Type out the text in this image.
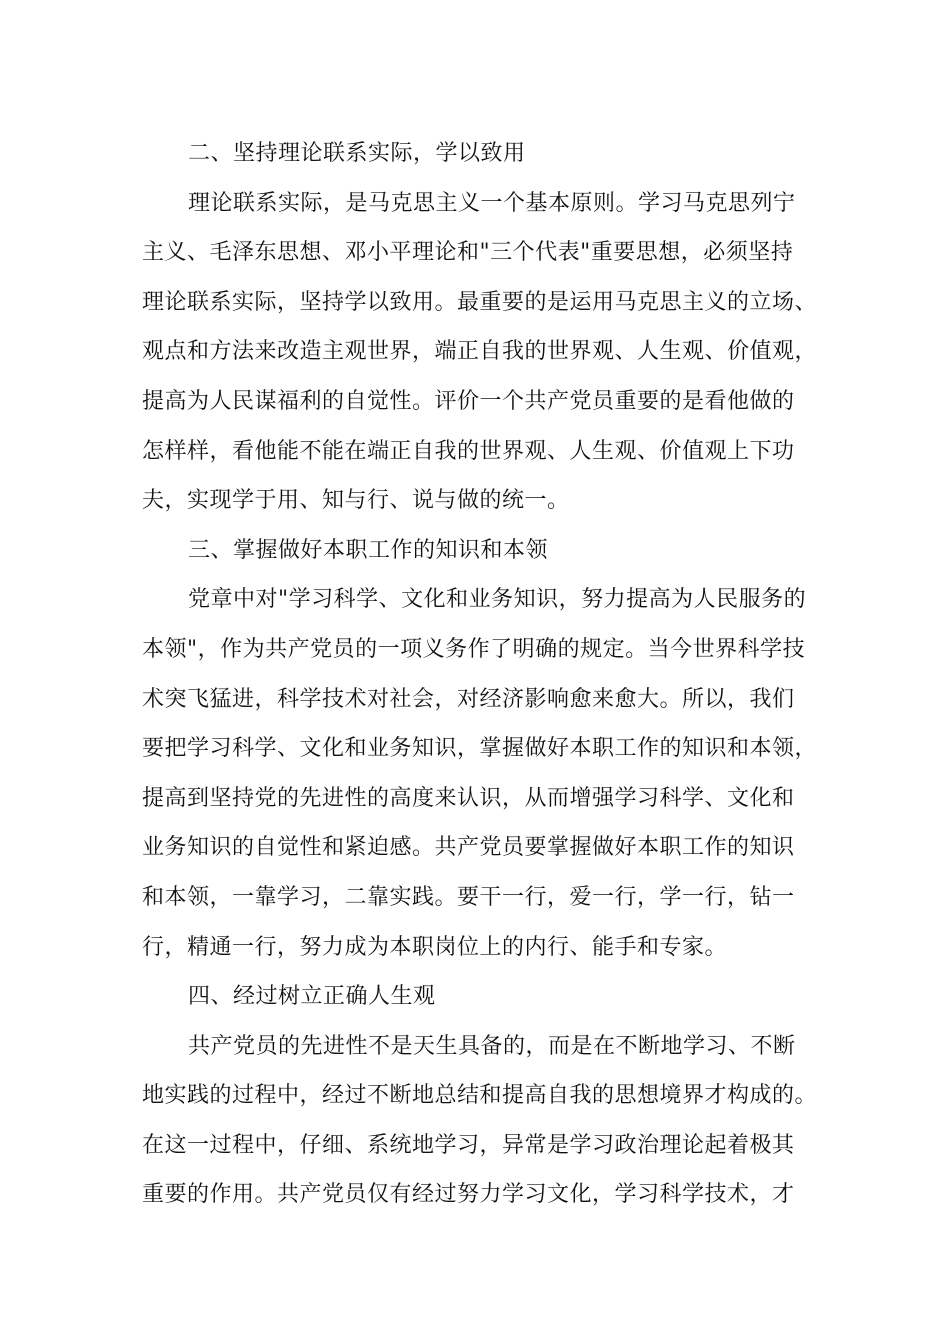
二、坚持理论联系实际，学以致用
理论联系实际，是马克思主义一个基本原则。学习马克思列宁
主义、毛泽东思想、邓小平理论和"三个代表"重要思想，必须坚持
理论联系实际，坚持学以致用。最重要的是运用马克思主义的立场、
观点和方法来改造主观世界，端正自我的世界观、人生观、价值观，
提高为人民谋福利的自觉性。评价一个共产党员重要的是看他做的
怎样样，看他能不能在端正自我的世界观、人生观、价值观上下功
夫，实现学于用、知与行、说与做的统一。
三、掌握做好本职工作的知识和本领
党章中对"学习科学、文化和业务知识，努力提高为人民服务的
本领"，作为共产党员的一项义务作了明确的规定。当今世界科学技
术突飞猛进，科学技术对社会，对经济影响愈来愈大。所以，我们
要把学习科学、文化和业务知识，掌握做好本职工作的知识和本领，
提高到坚持党的先进性的高度来认识，从而增强学习科学、文化和
业务知识的自觉性和紧迫感。共产党员要掌握做好本职工作的知识
和本领，一靠学习，二靠实践。要干一行，爱一行，学一行，钻一
行，精通一行，努力成为本职岗位上的内行、能手和专家。
四、经过树立正确人生观
共产党员的先进性不是天生具备的，而是在不断地学习、不断
地实践的过程中，经过不断地总结和提高自我的思想境界才构成的。
在这一过程中，仔细、系统地学习，异常是学习政治理论起着极其
重要的作用。共产党员仅有经过努力学习文化，学习科学技术，才
